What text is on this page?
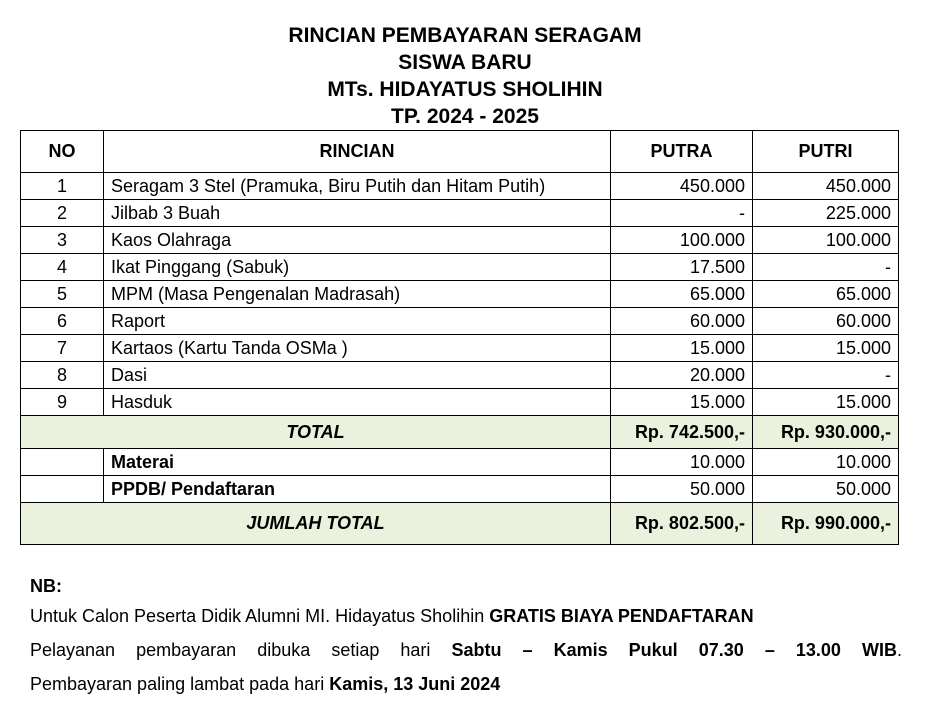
RINCIAN PEMBAYARAN SERAGAM
SISWA BARU
MTs. HIDAYATUS SHOLIHIN
TP. 2024 - 2025
NO	RINCIAN	PUTRA	PUTRI
1	Seragam 3 Stel (Pramuka, Biru Putih dan Hitam Putih)	450.000	450.000
2	Jilbab 3 Buah	-	225.000
3	Kaos Olahraga	100.000	100.000
4	Ikat Pinggang (Sabuk)	17.500	-
5	MPM (Masa Pengenalan Madrasah)	65.000	65.000
6	Raport	60.000	60.000
7	Kartaos (Kartu Tanda OSMa )	15.000	15.000
8	Dasi	20.000	-
9	Hasduk	15.000	15.000
TOTAL		Rp. 742.500,-	Rp. 930.000,-
	Materai	10.000	10.000
	PPDB/ Pendaftaran	50.000	50.000
JUMLAH TOTAL		Rp. 802.500,-	Rp. 990.000,-
NB:
Untuk Calon Peserta Didik Alumni MI. Hidayatus Sholihin GRATIS BIAYA PENDAFTARAN
Pelayanan pembayaran dibuka setiap hari Sabtu – Kamis Pukul 07.30 – 13.00 WIB.
Pembayaran paling lambat pada hari Kamis, 13 Juni 2024
